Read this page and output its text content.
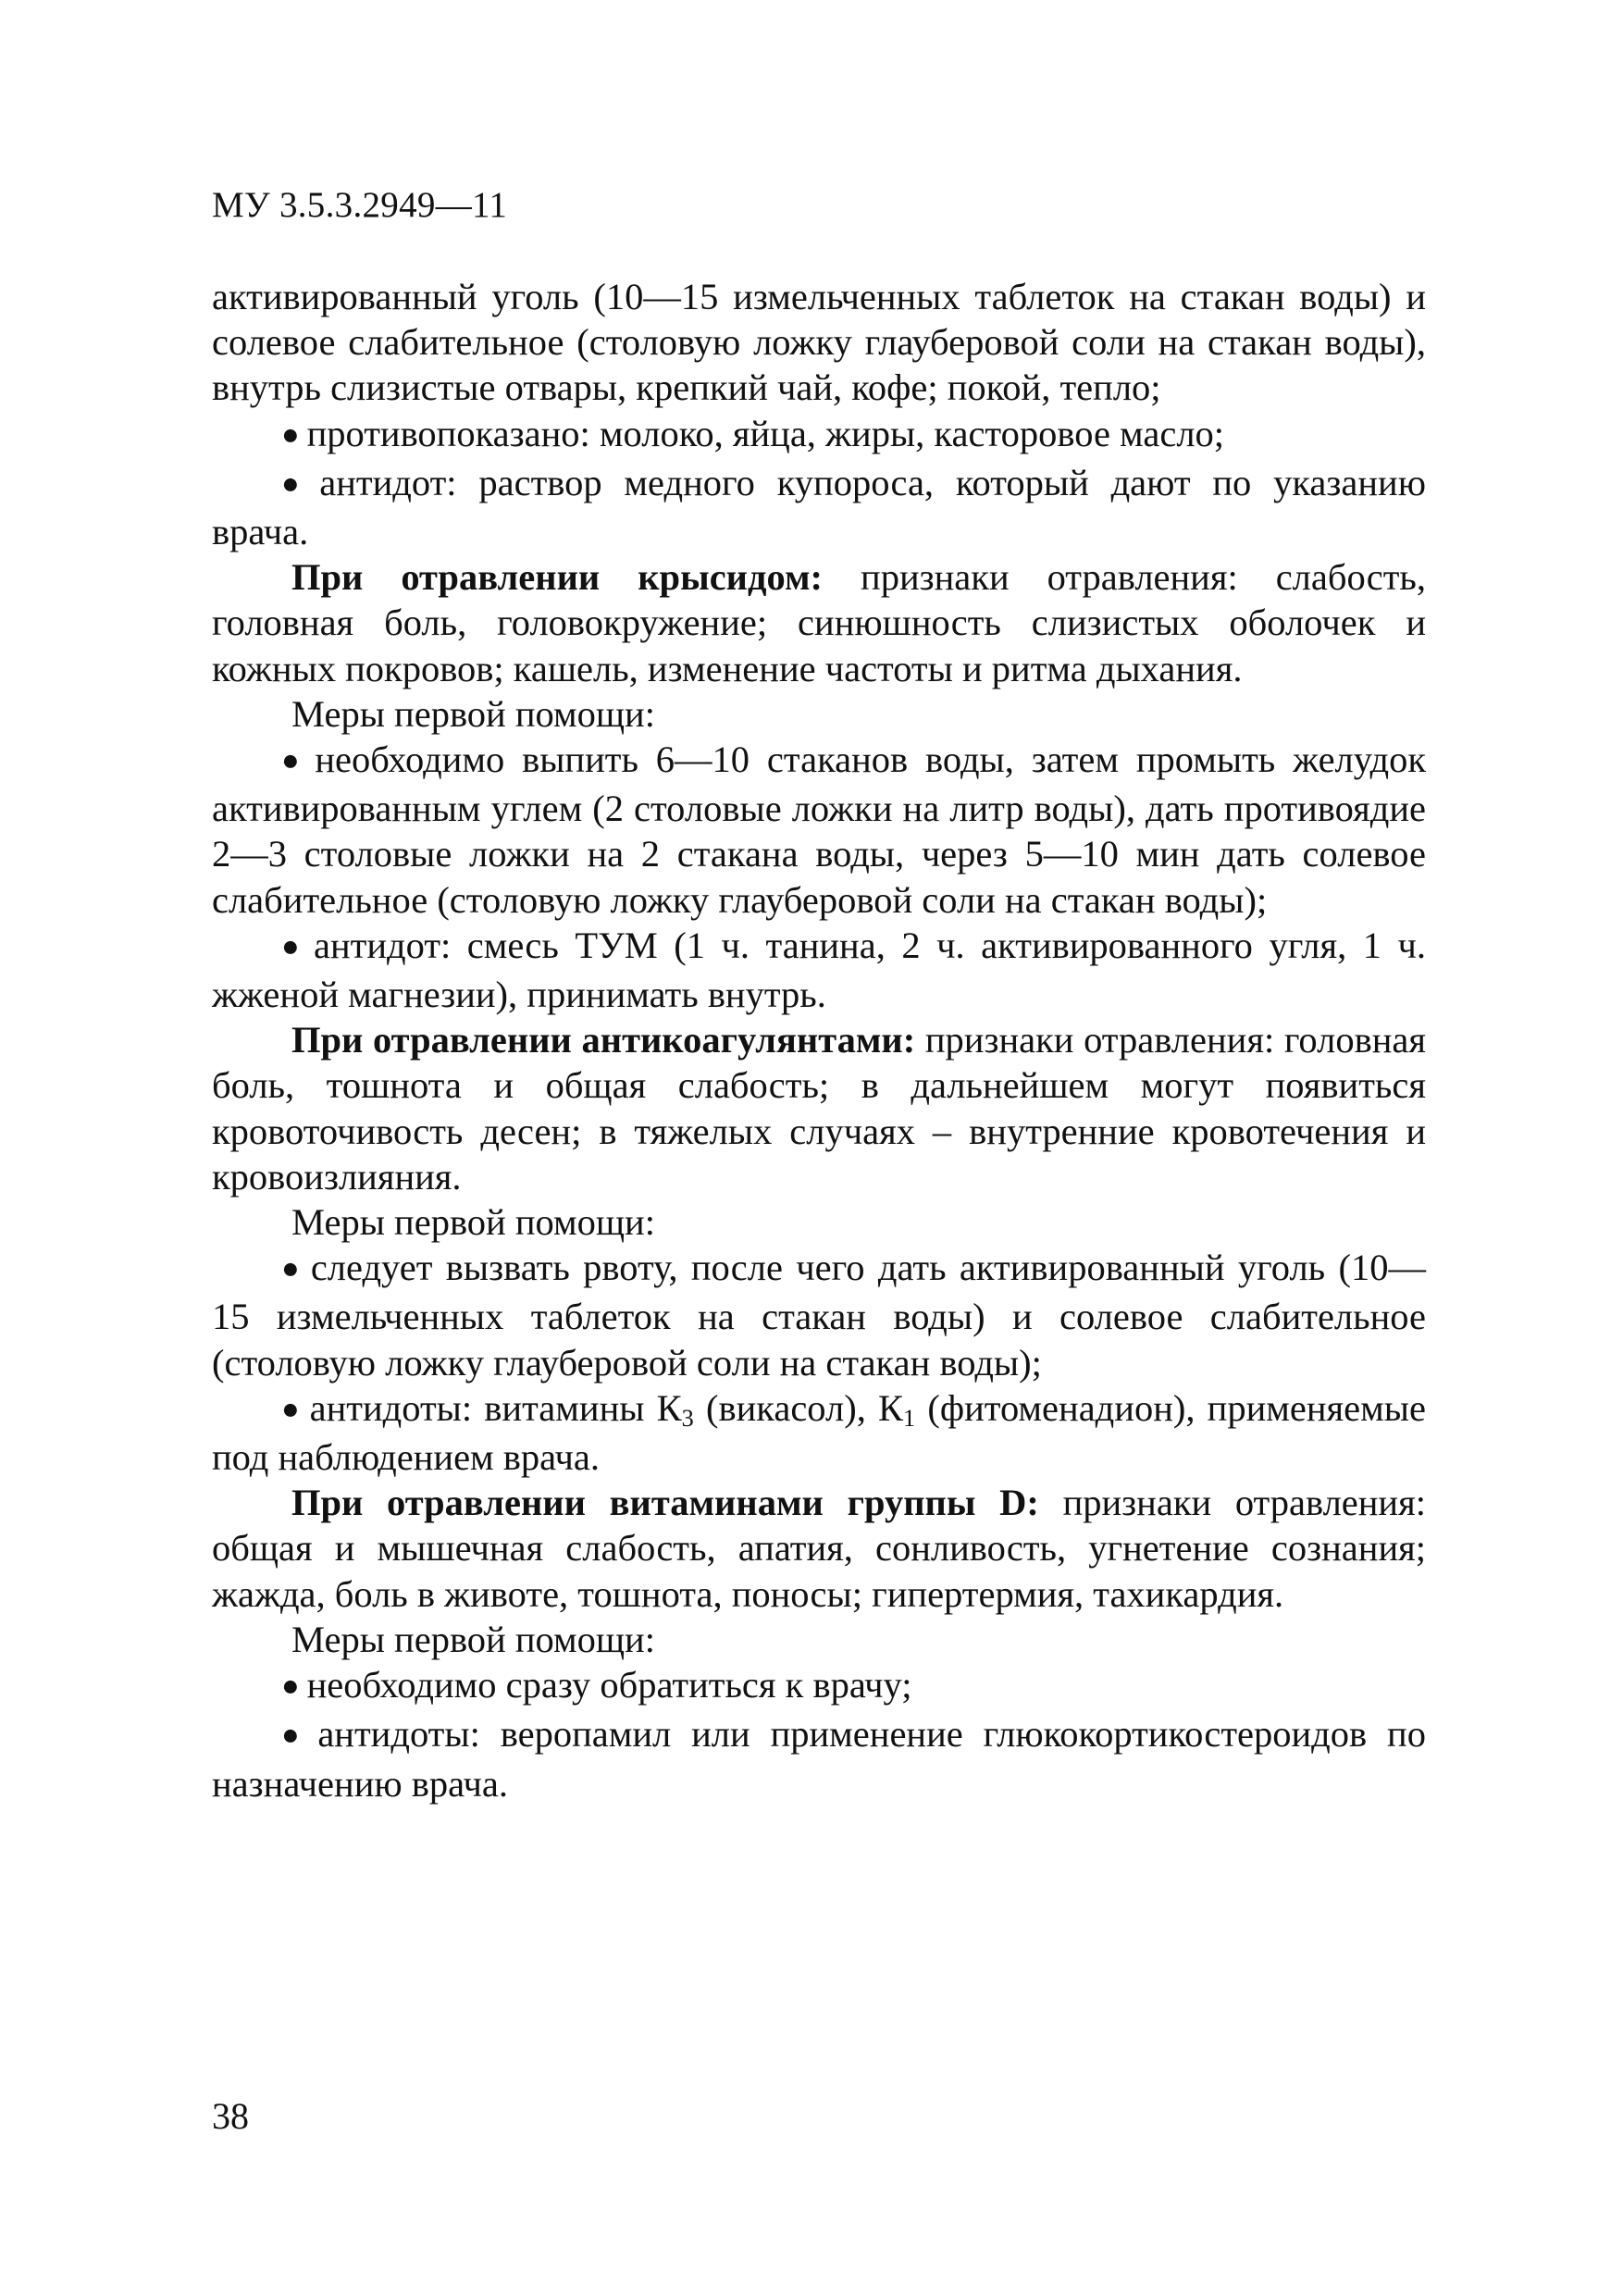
МУ 3.5.3.2949—11

активированный уголь (10—15 измельченных таблеток на стакан воды) и солевое слабительное (столовую ложку глауберовой соли на стакан воды), внутрь слизистые отвары, крепкий чай, кофе; покой, тепло;

● противопоказано: молоко, яйца, жиры, касторовое масло;

● антидот: раствор медного купороса, который дают по указанию врача.

При отравлении крысидом: признаки отравления: слабость, головная боль, головокружение; синюшность слизистых оболочек и кожных покровов; кашель, изменение частоты и ритма дыхания.

Меры первой помощи:

● необходимо выпить 6—10 стаканов воды, затем промыть желудок активированным углем (2 столовые ложки на литр воды), дать противоядие 2—3 столовые ложки на 2 стакана воды, через 5—10 мин дать солевое слабительное (столовую ложку глауберовой соли на стакан воды);

● антидот: смесь ТУМ (1 ч. танина, 2 ч. активированного угля, 1 ч. жженой магнезии), принимать внутрь.

При отравлении антикоагулянтами: признаки отравления: головная боль, тошнота и общая слабость; в дальнейшем могут появиться кровоточивость десен; в тяжелых случаях – внутренние кровотечения и кровоизлияния.

Меры первой помощи:

● следует вызвать рвоту, после чего дать активированный уголь (10—15 измельченных таблеток на стакан воды) и солевое слабительное (столовую ложку глауберовой соли на стакан воды);

● антидоты: витамины $К_3$ (викасол), $К_1$ (фитоменадион), применяемые под наблюдением врача.

При отравлении витаминами группы D: признаки отравления: общая и мышечная слабость, апатия, сонливость, угнетение сознания; жажда, боль в животе, тошнота, поносы; гипертермия, тахикардия.

Меры первой помощи:

● необходимо сразу обратиться к врачу;

● антидоты: веропамил или применение глюкокортикостероидов по назначению врача.

38
